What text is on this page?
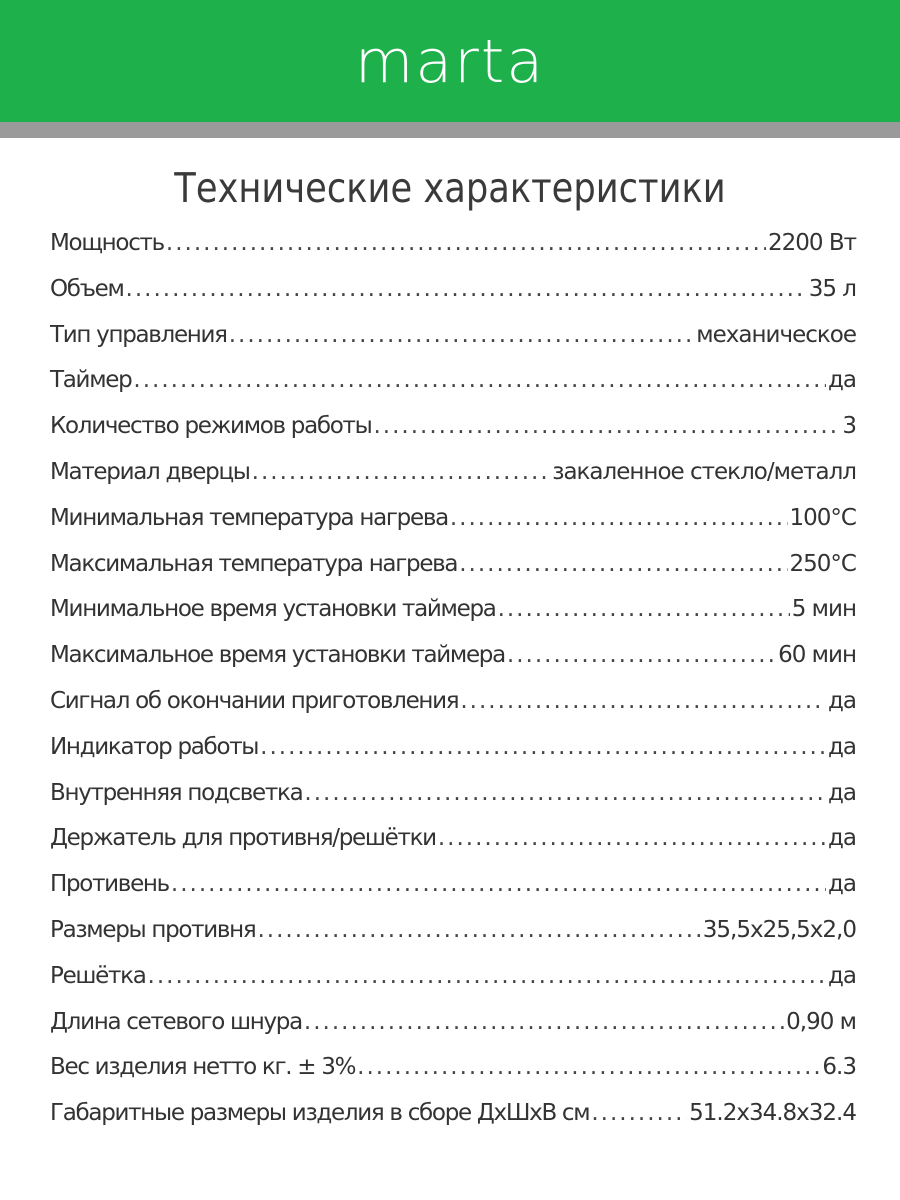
marta
Технические характеристики
Мощность .....	2200 Вт
Объем .....	35 л
Тип управления .....	механическое
Таймер .....	да
Количество режимов работы .....	3
Материал дверцы .....	закаленное стекло/металл
Минимальная температура нагрева .....	100°C
Максимальная температура нагрева .....	250°C
Минимальное время установки таймера .....	5 мин
Максимальное время установки таймера .....	60 мин
Сигнал об окончании приготовления .....	да
Индикатор работы .....	да
Внутренняя подсветка .....	да
Держатель для противня/решётки .....	да
Противень .....	да
Размеры противня .....	35,5x25,5x2,0
Решётка .....	да
Длина сетевого шнура .....	0,90 м
Вес изделия нетто кг. ± 3% .....	6.3
Габаритные размеры изделия в сборе ДхШхВ см .....	51.2x34.8x32.4
